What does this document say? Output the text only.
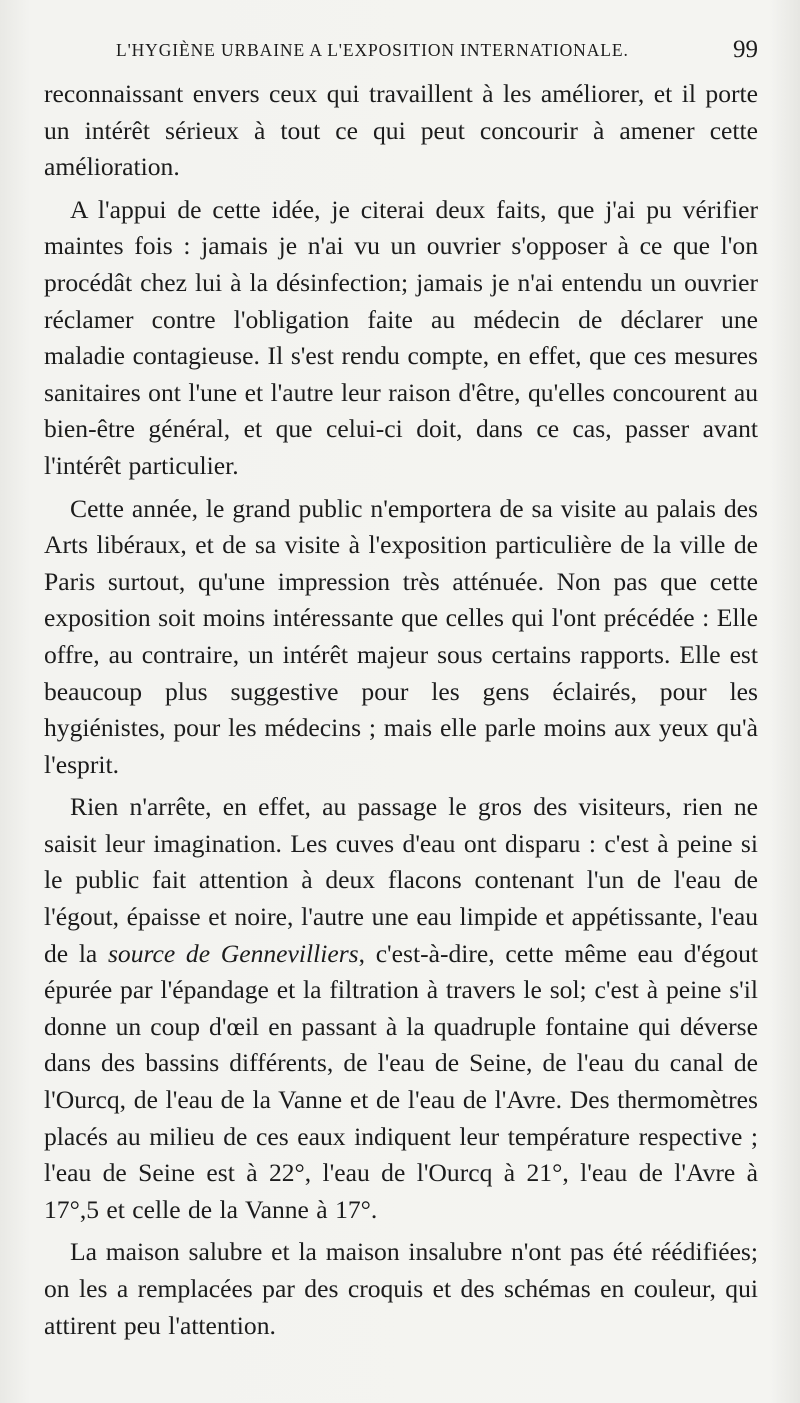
L'HYGIÈNE URBAINE A L'EXPOSITION INTERNATIONALE.	99

reconnaissant envers ceux qui travaillent à les améliorer, et il porte un intérêt sérieux à tout ce qui peut concourir à amener cette amélioration.

A l'appui de cette idée, je citerai deux faits, que j'ai pu vérifier maintes fois : jamais je n'ai vu un ouvrier s'opposer à ce que l'on procédât chez lui à la désinfection; jamais je n'ai entendu un ouvrier réclamer contre l'obligation faite au médecin de déclarer une maladie contagieuse. Il s'est rendu compte, en effet, que ces mesures sanitaires ont l'une et l'autre leur raison d'être, qu'elles concourent au bien-être général, et que celui-ci doit, dans ce cas, passer avant l'intérêt particulier.

Cette année, le grand public n'emportera de sa visite au palais des Arts libéraux, et de sa visite à l'exposition particulière de la ville de Paris surtout, qu'une impression très atténuée. Non pas que cette exposition soit moins intéressante que celles qui l'ont précédée : Elle offre, au contraire, un intérêt majeur sous certains rapports. Elle est beaucoup plus suggestive pour les gens éclairés, pour les hygiénistes, pour les médecins ; mais elle parle moins aux yeux qu'à l'esprit.

Rien n'arrête, en effet, au passage le gros des visiteurs, rien ne saisit leur imagination. Les cuves d'eau ont disparu : c'est à peine si le public fait attention à deux flacons contenant l'un de l'eau de l'égout, épaisse et noire, l'autre une eau limpide et appétissante, l'eau de la source de Gennevilliers, c'est-à-dire, cette même eau d'égout épurée par l'épandage et la filtration à travers le sol; c'est à peine s'il donne un coup d'œil en passant à la quadruple fontaine qui déverse dans des bassins différents, de l'eau de Seine, de l'eau du canal de l'Ourcq, de l'eau de la Vanne et de l'eau de l'Avre. Des thermomètres placés au milieu de ces eaux indiquent leur température respective ; l'eau de Seine est à 22°, l'eau de l'Ourcq à 21°, l'eau de l'Avre à 17°,5 et celle de la Vanne à 17°.

La maison salubre et la maison insalubre n'ont pas été réédifiées; on les a remplacées par des croquis et des schémas en couleur, qui attirent peu l'attention.
